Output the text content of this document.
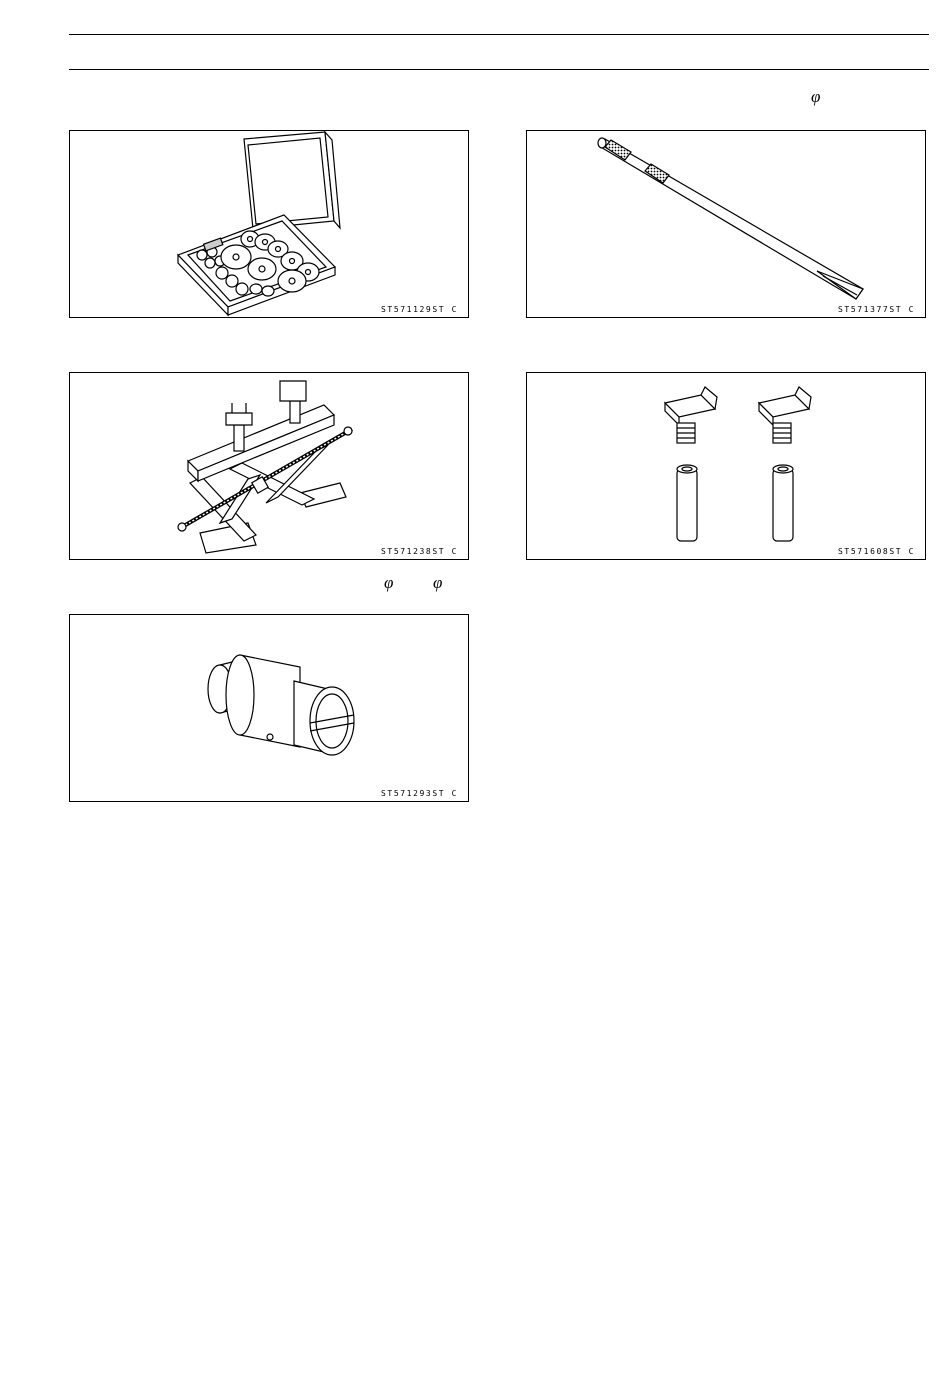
φ
ST571129ST C	ST571377ST C
ST571238ST C
φ φ
ST571608ST C
ST571293ST C
